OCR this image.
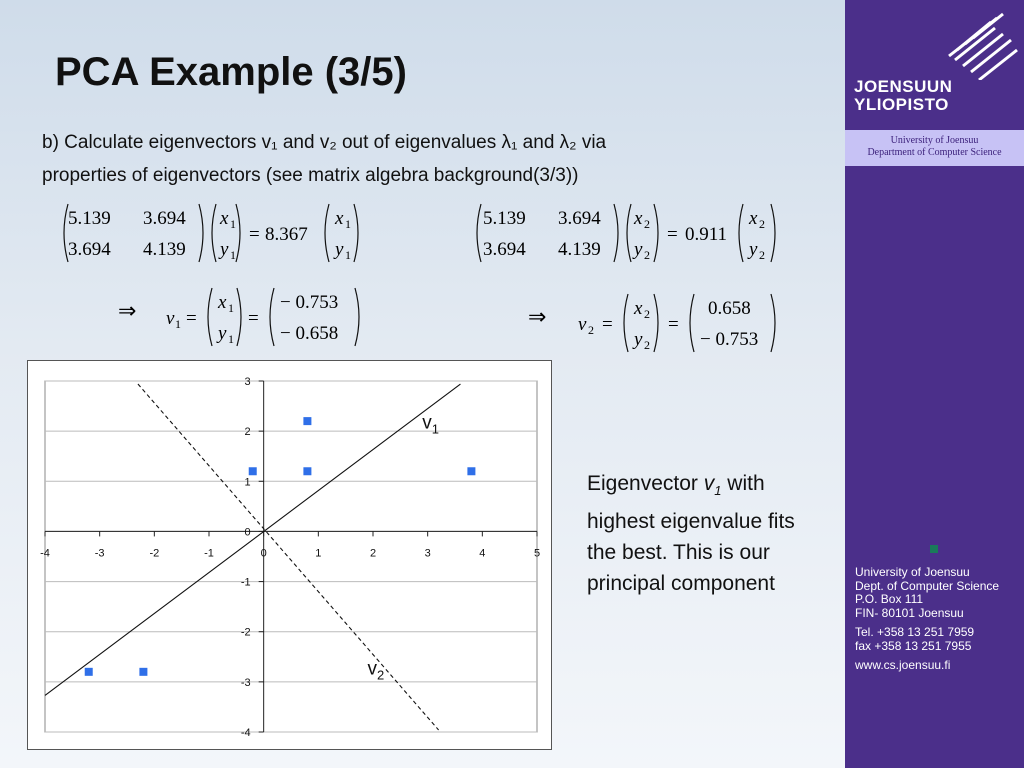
PCA Example (3/5)
b) Calculate eigenvectors v₁ and v₂ out of eigenvalues λ₁ and λ₂ via
properties of eigenvectors (see matrix algebra background(3/3))
5.139 3.694
3.694 4.139
x 1
y 1
= 8.367
x 1
y 1
5.139 3.694
3.694 4.139
x 2
y 2
= 0.911
x 2
y 2
⇒ v 1 =
x 1
y 1
=
− 0.753
− 0.658
⇒ v 2 =
x 2
y 2
=
0.658
− 0.753
-4	-3	-2	-1	0	1	2	3	4	5
-4
-3
-2
-1
0
1
2
3
$v_1$
$v_2$
Eigenvector $v_1$ with highest eigenvalue fits the best. This is our principal component
JOENSUUN
YLIOPISTO
University of Joensuu
Department of Computer Science
University of Joensuu
Dept. of Computer Science
P.O. Box 111
FIN- 80101 Joensuu
Tel. +358 13 251 7959
fax +358 13 251 7955
www.cs.joensuu.fi
